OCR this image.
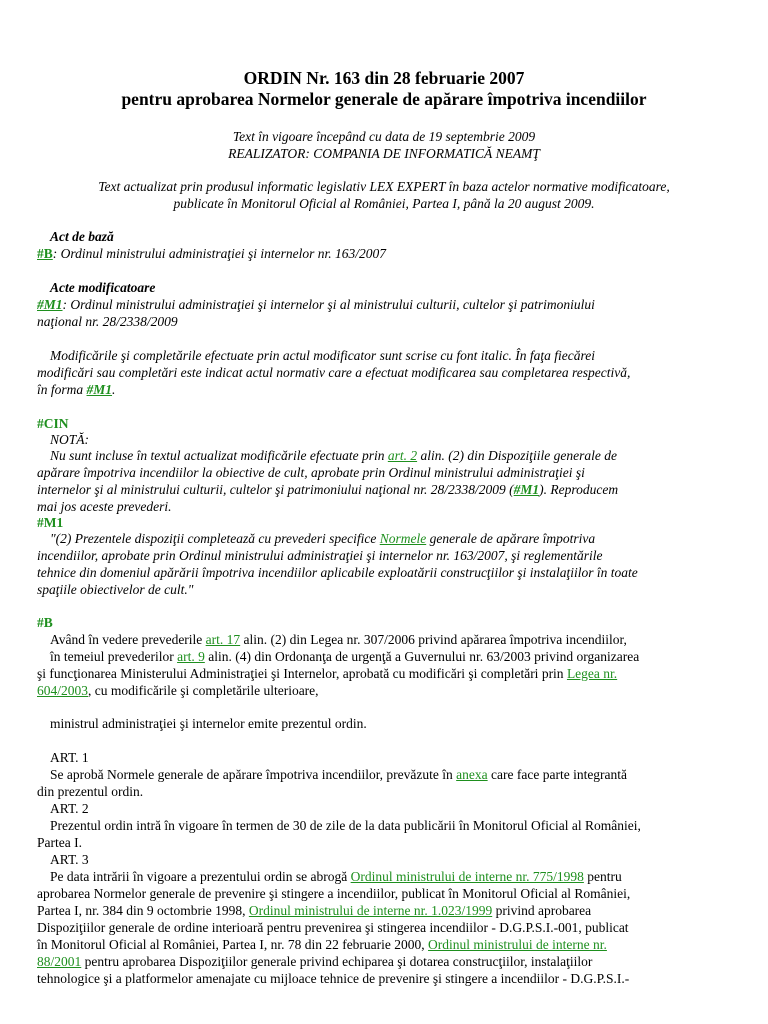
ORDIN Nr. 163 din 28 februarie 2007
pentru aprobarea Normelor generale de apărare împotriva incendiilor
Text în vigoare începând cu data de 19 septembrie 2009
REALIZATOR: COMPANIA DE INFORMATICĂ NEAMŢ
Text actualizat prin produsul informatic legislativ LEX EXPERT în baza actelor normative modificatoare,
publicate în Monitorul Oficial al României, Partea I, până la 20 august 2009.
Act de bază
#B: Ordinul ministrului administraţiei şi internelor nr. 163/2007
Acte modificatoare
#M1: Ordinul ministrului administraţiei şi internelor şi al ministrului culturii, cultelor şi patrimoniului
naţional nr. 28/2338/2009
Modificările şi completările efectuate prin actul modificator sunt scrise cu font italic. În faţa fiecărei
modificări sau completări este indicat actul normativ care a efectuat modificarea sau completarea respectivă,
în forma #M1.
#CIN
NOTĂ:
Nu sunt incluse în textul actualizat modificările efectuate prin art. 2 alin. (2) din Dispoziţiile generale de
apărare împotriva incendiilor la obiective de cult, aprobate prin Ordinul ministrului administraţiei şi
internelor şi al ministrului culturii, cultelor şi patrimoniului naţional nr. 28/2338/2009 (#M1). Reproducem
mai jos aceste prevederi.
#M1
"(2) Prezentele dispoziţii completează cu prevederi specifice Normele generale de apărare împotriva
incendiilor, aprobate prin Ordinul ministrului administraţiei şi internelor nr. 163/2007, şi reglementările
tehnice din domeniul apărării împotriva incendiilor aplicabile exploatării construcţiilor şi instalaţiilor în toate
spaţiile obiectivelor de cult."
#B
Având în vedere prevederile art. 17 alin. (2) din Legea nr. 307/2006 privind apărarea împotriva incendiilor,
în temeiul prevederilor art. 9 alin. (4) din Ordonanţa de urgenţă a Guvernului nr. 63/2003 privind organizarea
şi funcţionarea Ministerului Administraţiei şi Internelor, aprobată cu modificări şi completări prin Legea nr.
604/2003, cu modificările şi completările ulterioare,
ministrul administraţiei şi internelor emite prezentul ordin.
ART. 1
Se aprobă Normele generale de apărare împotriva incendiilor, prevăzute în anexa care face parte integrantă
din prezentul ordin.
ART. 2
Prezentul ordin intră în vigoare în termen de 30 de zile de la data publicării în Monitorul Oficial al României,
Partea I.
ART. 3
Pe data intrării în vigoare a prezentului ordin se abrogă Ordinul ministrului de interne nr. 775/1998 pentru
aprobarea Normelor generale de prevenire şi stingere a incendiilor, publicat în Monitorul Oficial al României,
Partea I, nr. 384 din 9 octombrie 1998, Ordinul ministrului de interne nr. 1.023/1999 privind aprobarea
Dispoziţiilor generale de ordine interioară pentru prevenirea şi stingerea incendiilor - D.G.P.S.I.-001, publicat
în Monitorul Oficial al României, Partea I, nr. 78 din 22 februarie 2000, Ordinul ministrului de interne nr.
88/2001 pentru aprobarea Dispoziţiilor generale privind echiparea şi dotarea construcţiilor, instalaţiilor
tehnologice şi a platformelor amenajate cu mijloace tehnice de prevenire şi stingere a incendiilor - D.G.P.S.I.-
